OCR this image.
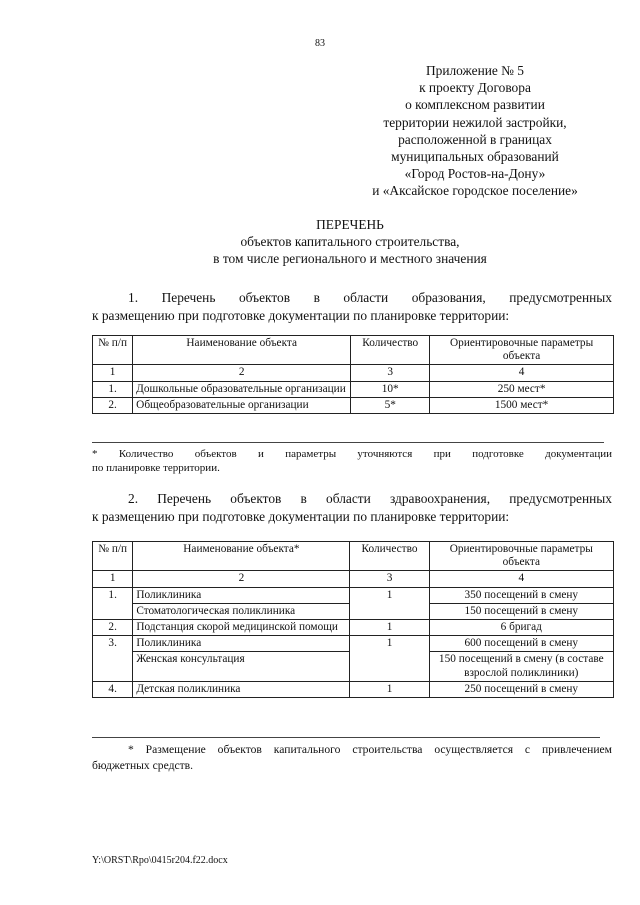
83
Приложение № 5
к проекту Договора
о комплексном развитии
территории нежилой застройки,
расположенной в границах
муниципальных образований
«Город Ростов-на-Дону»
и «Аксайское городское поселение»
ПЕРЕЧЕНЬ
объектов капитального строительства,
в том числе регионального и местного значения
1. Перечень объектов в области образования, предусмотренных
к размещению при подготовке документации по планировке территории:
№ п/п	Наименование объекта	Количество	Ориентировочные параметры объекта
1	2	3	4
1.	Дошкольные образовательные организации	10*	250 мест*
2.	Общеобразовательные организации	5*	1500 мест*
* Количество объектов и параметры уточняются при подготовке документации
по планировке территории.
2. Перечень объектов в области здравоохранения, предусмотренных
к размещению при подготовке документации по планировке территории:
№ п/п	Наименование объекта*	Количество	Ориентировочные параметры объекта
1	2	3	4
1.	Поликлиника	1	350 посещений в смену
	Стоматологическая поликлиника		150 посещений в смену
2.	Подстанция скорой медицинской помощи	1	6 бригад
3.	Поликлиника	1	600 посещений в смену
	Женская консультация		150 посещений в смену (в составе взрослой поликлиники)
4.	Детская поликлиника	1	250 посещений в смену
* Размещение объектов капитального строительства осуществляется с привлечением
бюджетных средств.
Y:\ORST\Rpo\0415r204.f22.docx
